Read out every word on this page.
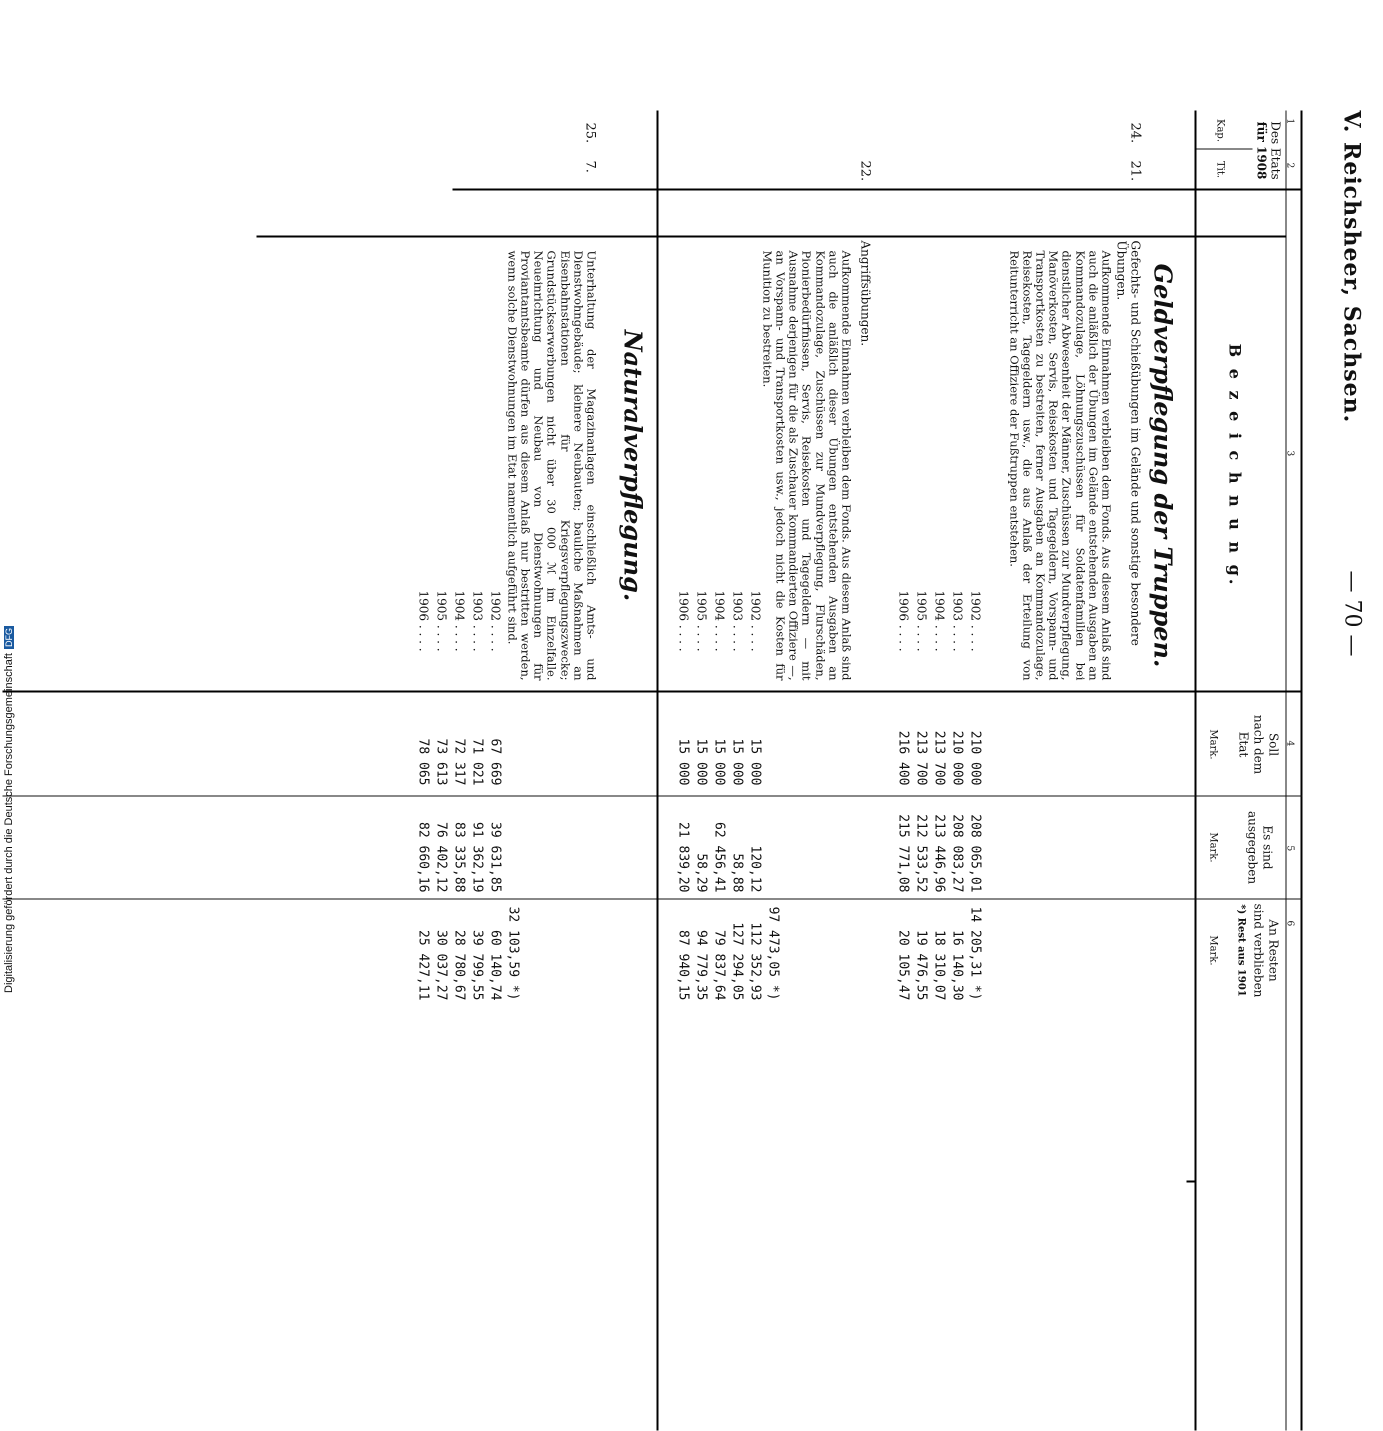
V. Reichsheer, Sachsen.
— 70 —
1
2
3
4
5
6
Des Etats
für 1908
Kap.
Tit.
B e z e i c h n u n g.
Soll
nach dem
Etat
Mark.
Es sind
ausgegeben
Mark.
An Resten
sind verblieben
*) Rest aus 1901
Mark.
Geldverpflegung der Truppen.
24.
21.
Gefechts- und Schießübungen im Gelände und sonstige besondere Übungen.
Aufkommende Einnahmen verbleiben dem Fonds. Aus diesem Anlaß sind auch die anläßlich der Übungen im Gelände entstehenden Ausgaben an Kommandozulage, Löhnungszuschüssen für Soldatenfamilien bei dienstlicher Abwesenheit der Männer, Zuschüssen zur Mundverpflegung, Manöverkosten, Servis, Reisekosten und Tagegeldern, Vorspann- und Transportkosten zu bestreiten, ferner Ausgaben an Kommandozulage, Reisekosten, Tagegeldern usw., die aus Anlaß der Erteilung von Reitunterricht an Offiziere der Fußtruppen entstehen.
1902 . . . .
1903 . . . .
1904 . . . .
1905 . . . .
1906 . . . .
210 000
210 000
213 700
213 700
216 400
208 065,01
208 083,27
213 446,96
212 533,52
215 771,08
14 205,31 *)
16 140,30
18 310,07
19 476,55
20 105,47
22.
Angriffsübungen.
Aufkommende Einnahmen verbleiben dem Fonds. Aus diesem Anlaß sind auch die anläßlich dieser Übungen entstehenden Ausgaben an Kommandozulage, Zuschüssen zur Mundverpflegung, Flurschäden, Pionierbedürfnissen, Servis, Reisekosten und Tagegeldern — mit Ausnahme derjenigen für die als Zuschauer kommandierten Offiziere —, an Vorspann- und Transportkosten usw., jedoch nicht die Kosten für Munition zu bestreiten.
1902 . . . .
1903 . . . .
1904 . . . .
1905 . . . .
1906 . . . .
15 000
15 000
15 000
15 000
15 000
120,12
58,88
62 456,41
58,29
21 839,20
97 473,05 *)
112 352,93
127 294,05
79 837,64
94 779,35
87 940,15
Naturalverpflegung.
25.
7.
Unterhaltung der Magazinanlagen einschließlich Amts- und Dienstwohngebäude; kleinere Neubauten; bauliche Maßnahmen an Eisenbahnstationen für Kriegsverpflegungszwecke; Grundstückserwerbungen nicht über 30 000 ℳ im Einzelfalle. Neueinrichtung und Neubau von Dienstwohnungen für Proviantamtsbeamte dürfen aus diesem Anlaß nur bestritten werden, wenn solche Dienstwohnungen im Etat namentlich aufgeführt sind.
1902 . . . .
1903 . . . .
1904 . . . .
1905 . . . .
1906 . . . .
67 669
71 021
72 317
73 613
78 065
39 631,85
91 362,19
83 335,88
76 402,12
82 660,16
32 103,59 *)
60 140,74
39 799,55
28 780,67
30 037,27
25 427,11
Digitalisierung gefördert durch die Deutsche ForschungsgemeinschaftDFG
